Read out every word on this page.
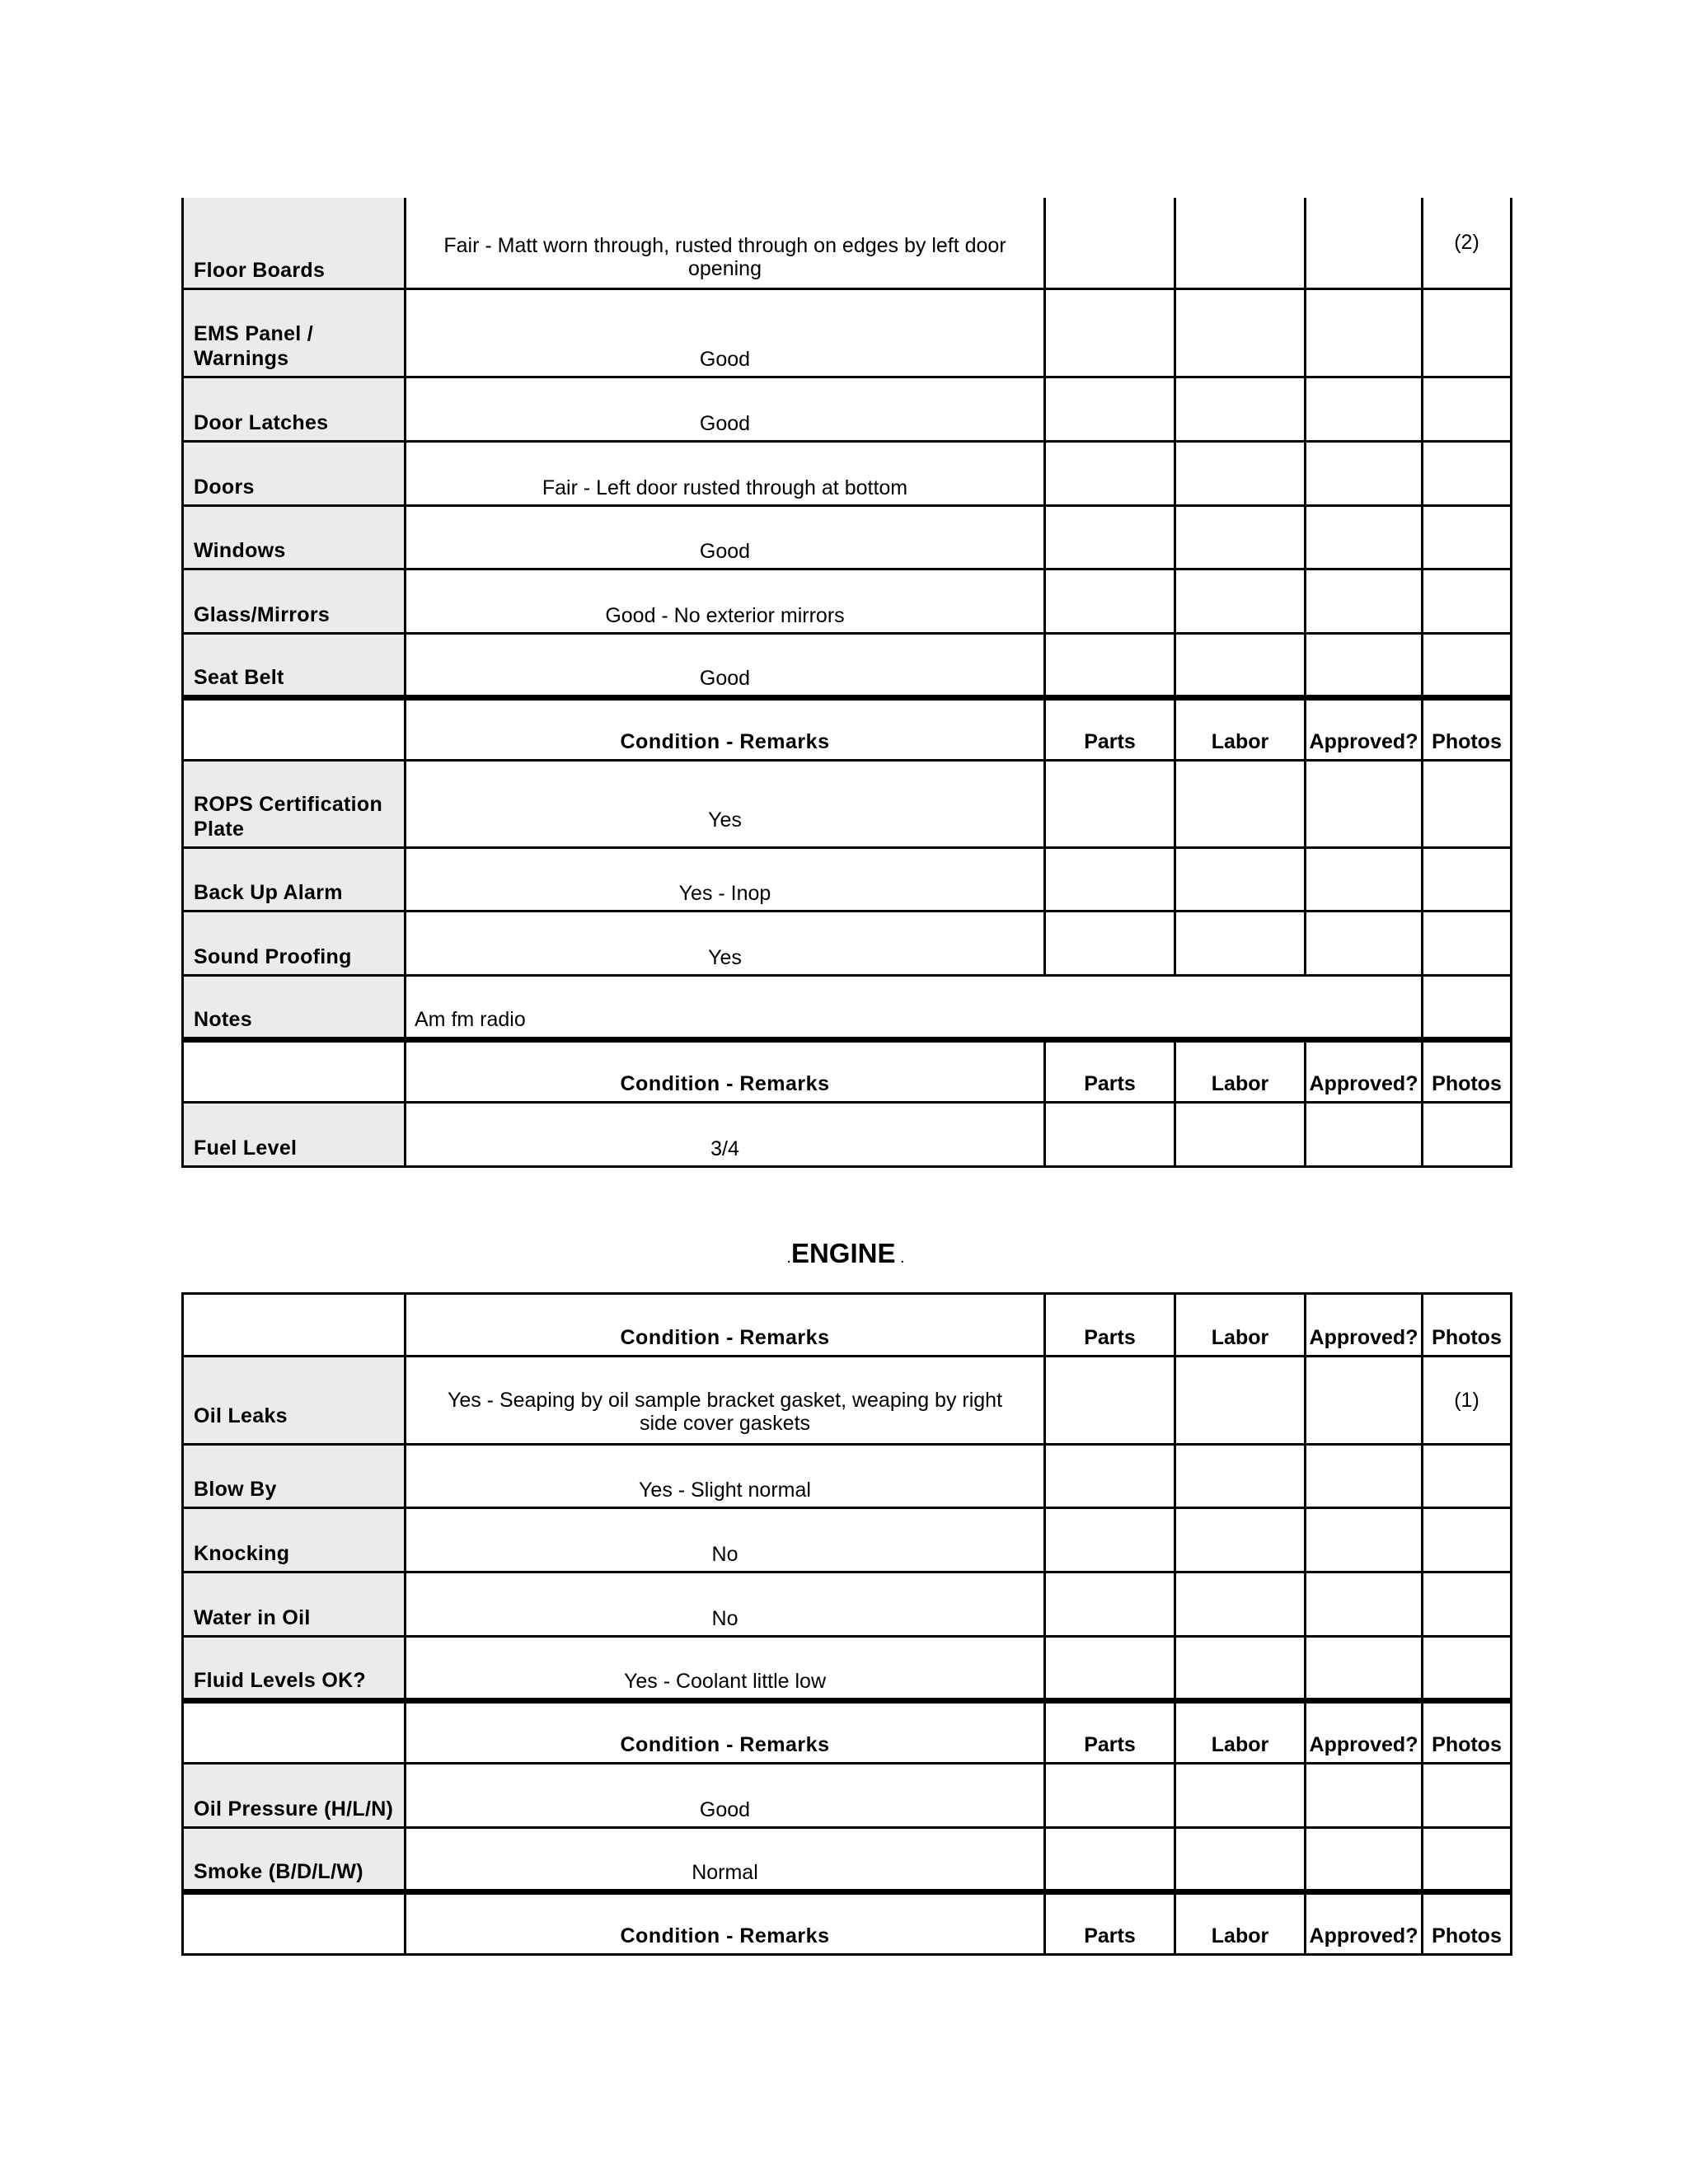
Floor Boards	Fair - Matt worn through, rusted through on edges by left door opening				(2)
EMS Panel / Warnings	Good				
Door Latches	Good				
Doors	Fair - Left door rusted through at bottom				
Windows	Good				
Glass/Mirrors	Good - No exterior mirrors				
Seat Belt	Good				
	Condition - Remarks	Parts	Labor	Approved?	Photos
ROPS Certification Plate	Yes				
Back Up Alarm	Yes - Inop				
Sound Proofing	Yes				
Notes	Am fm radio				
	Condition - Remarks	Parts	Labor	Approved?	Photos
Fuel Level	3/4				
.ENGINE .
	Condition - Remarks	Parts	Labor	Approved?	Photos
Oil Leaks	Yes - Seaping by oil sample bracket gasket, weaping by right side cover gaskets				(1)
Blow By	Yes - Slight normal				
Knocking	No				
Water in Oil	No				
Fluid Levels OK?	Yes - Coolant little low				
	Condition - Remarks	Parts	Labor	Approved?	Photos
Oil Pressure (H/L/N)	Good				
Smoke (B/D/L/W)	Normal				
	Condition - Remarks	Parts	Labor	Approved?	Photos
